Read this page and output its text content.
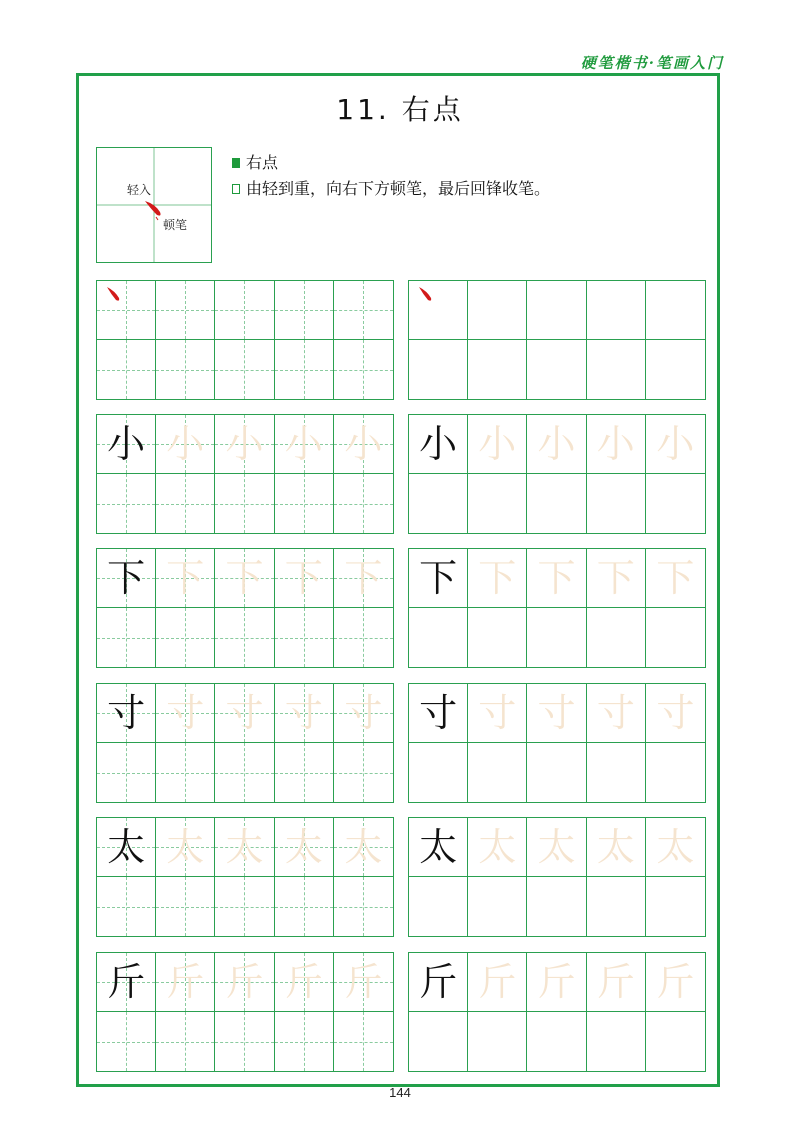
硬笔楷书·笔画入门
11. 右点
轻入
顿笔
右点
由轻到重，向右下方顿笔，最后回锋收笔。
小 小 小 小 小 小 小 小 小 小
下 下 下 下 下 下 下 下 下 下
寸 寸 寸 寸 寸 寸 寸 寸 寸 寸
太 太 太 太 太 太 太 太 太 太
斤 斤 斤 斤 斤 斤 斤 斤 斤 斤
144
